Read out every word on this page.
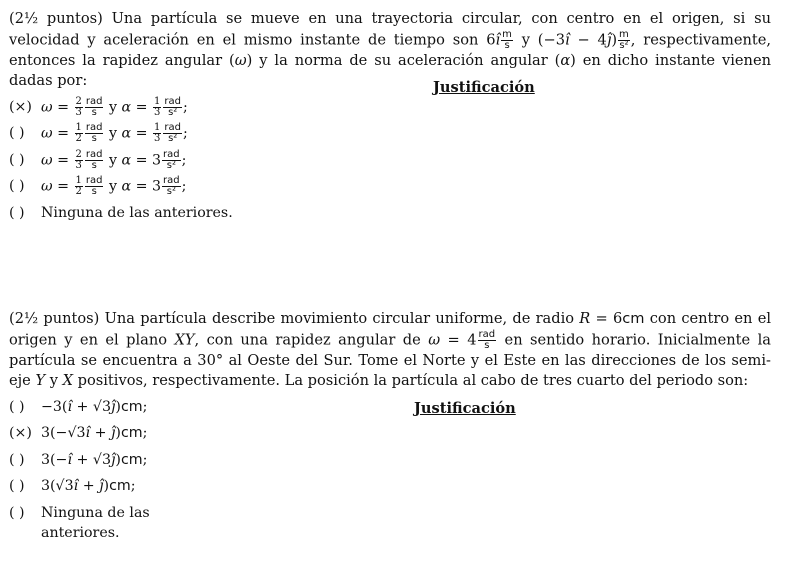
(2½ puntos) Una partícula se mueve en una trayectoria circular, con centro en el origen, si su velocidad y aceleración en el mismo instante de tiempo son 6î $\frac{m}{s}$ y (−3î − 4ĵ) $\frac{m}{\text{s²}}$ , respectivamente, entonces la rapidez angular (ω) y la norma de su aceleración angular (α) en dicho instante vienen dadas por:	Justificación
(×) $\omega = \frac{2}{3} \frac{\text{rad}}{s}$ y $\alpha = \frac{1}{3} \frac{\text{rad}}{\text{s²}}$ ;
( )	$\omega = \frac{1}{2} \frac{\text{rad}}{s}$ y $\alpha = \frac{1}{3} \frac{\text{rad}}{\text{s²}}$ ;
( )	$\omega = \frac{2}{3} \frac{\text{rad}}{s}$ y $\alpha = 3 \frac{\text{rad}}{\text{s²}}$ ;
( )	$\omega = \frac{1}{2} \frac{\text{rad}}{s}$ y $\alpha = 3 \frac{\text{rad}}{\text{s²}}$ ;
( )	Ninguna de las anteriores.

(2½ puntos) Una partícula describe movimiento circular uniforme, de radio R = 6cm con centro en el origen y en el plano XY, con una rapidez angular de $\omega = 4 \frac{\text{rad}}{s}$ en sentido horario. Inicialmente la partícula se encuentra a 30° al Oeste del Sur. Tome el Norte y el Este en las direcciones de los semi-eje Y y X positivos, respectivamente. La posición la partícula al cabo de tres cuarto del periodo son:

Justificación
( )	−3(î + √3ĵ)cm;
(×) 3(−√3î + ĵ)cm;
( )	3(−î + √3ĵ)cm;
( )	3(√3î + ĵ)cm;
( )	Ninguna de las anteriores.
